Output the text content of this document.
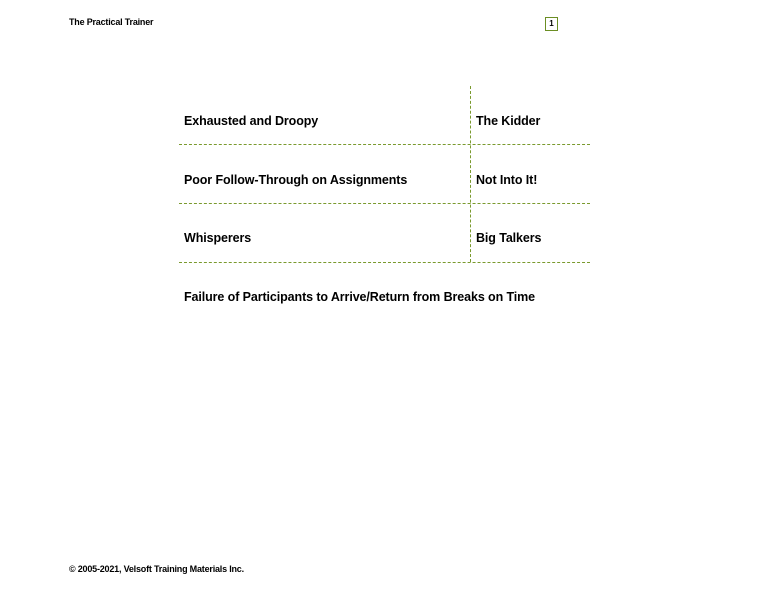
The Practical Trainer	1
Exhausted and Droopy	The Kidder
Poor Follow-Through on Assignments	Not Into It!
Whisperers	Big Talkers
Failure of Participants to Arrive/Return from Breaks on Time
© 2005-2021, Velsoft Training Materials Inc.
